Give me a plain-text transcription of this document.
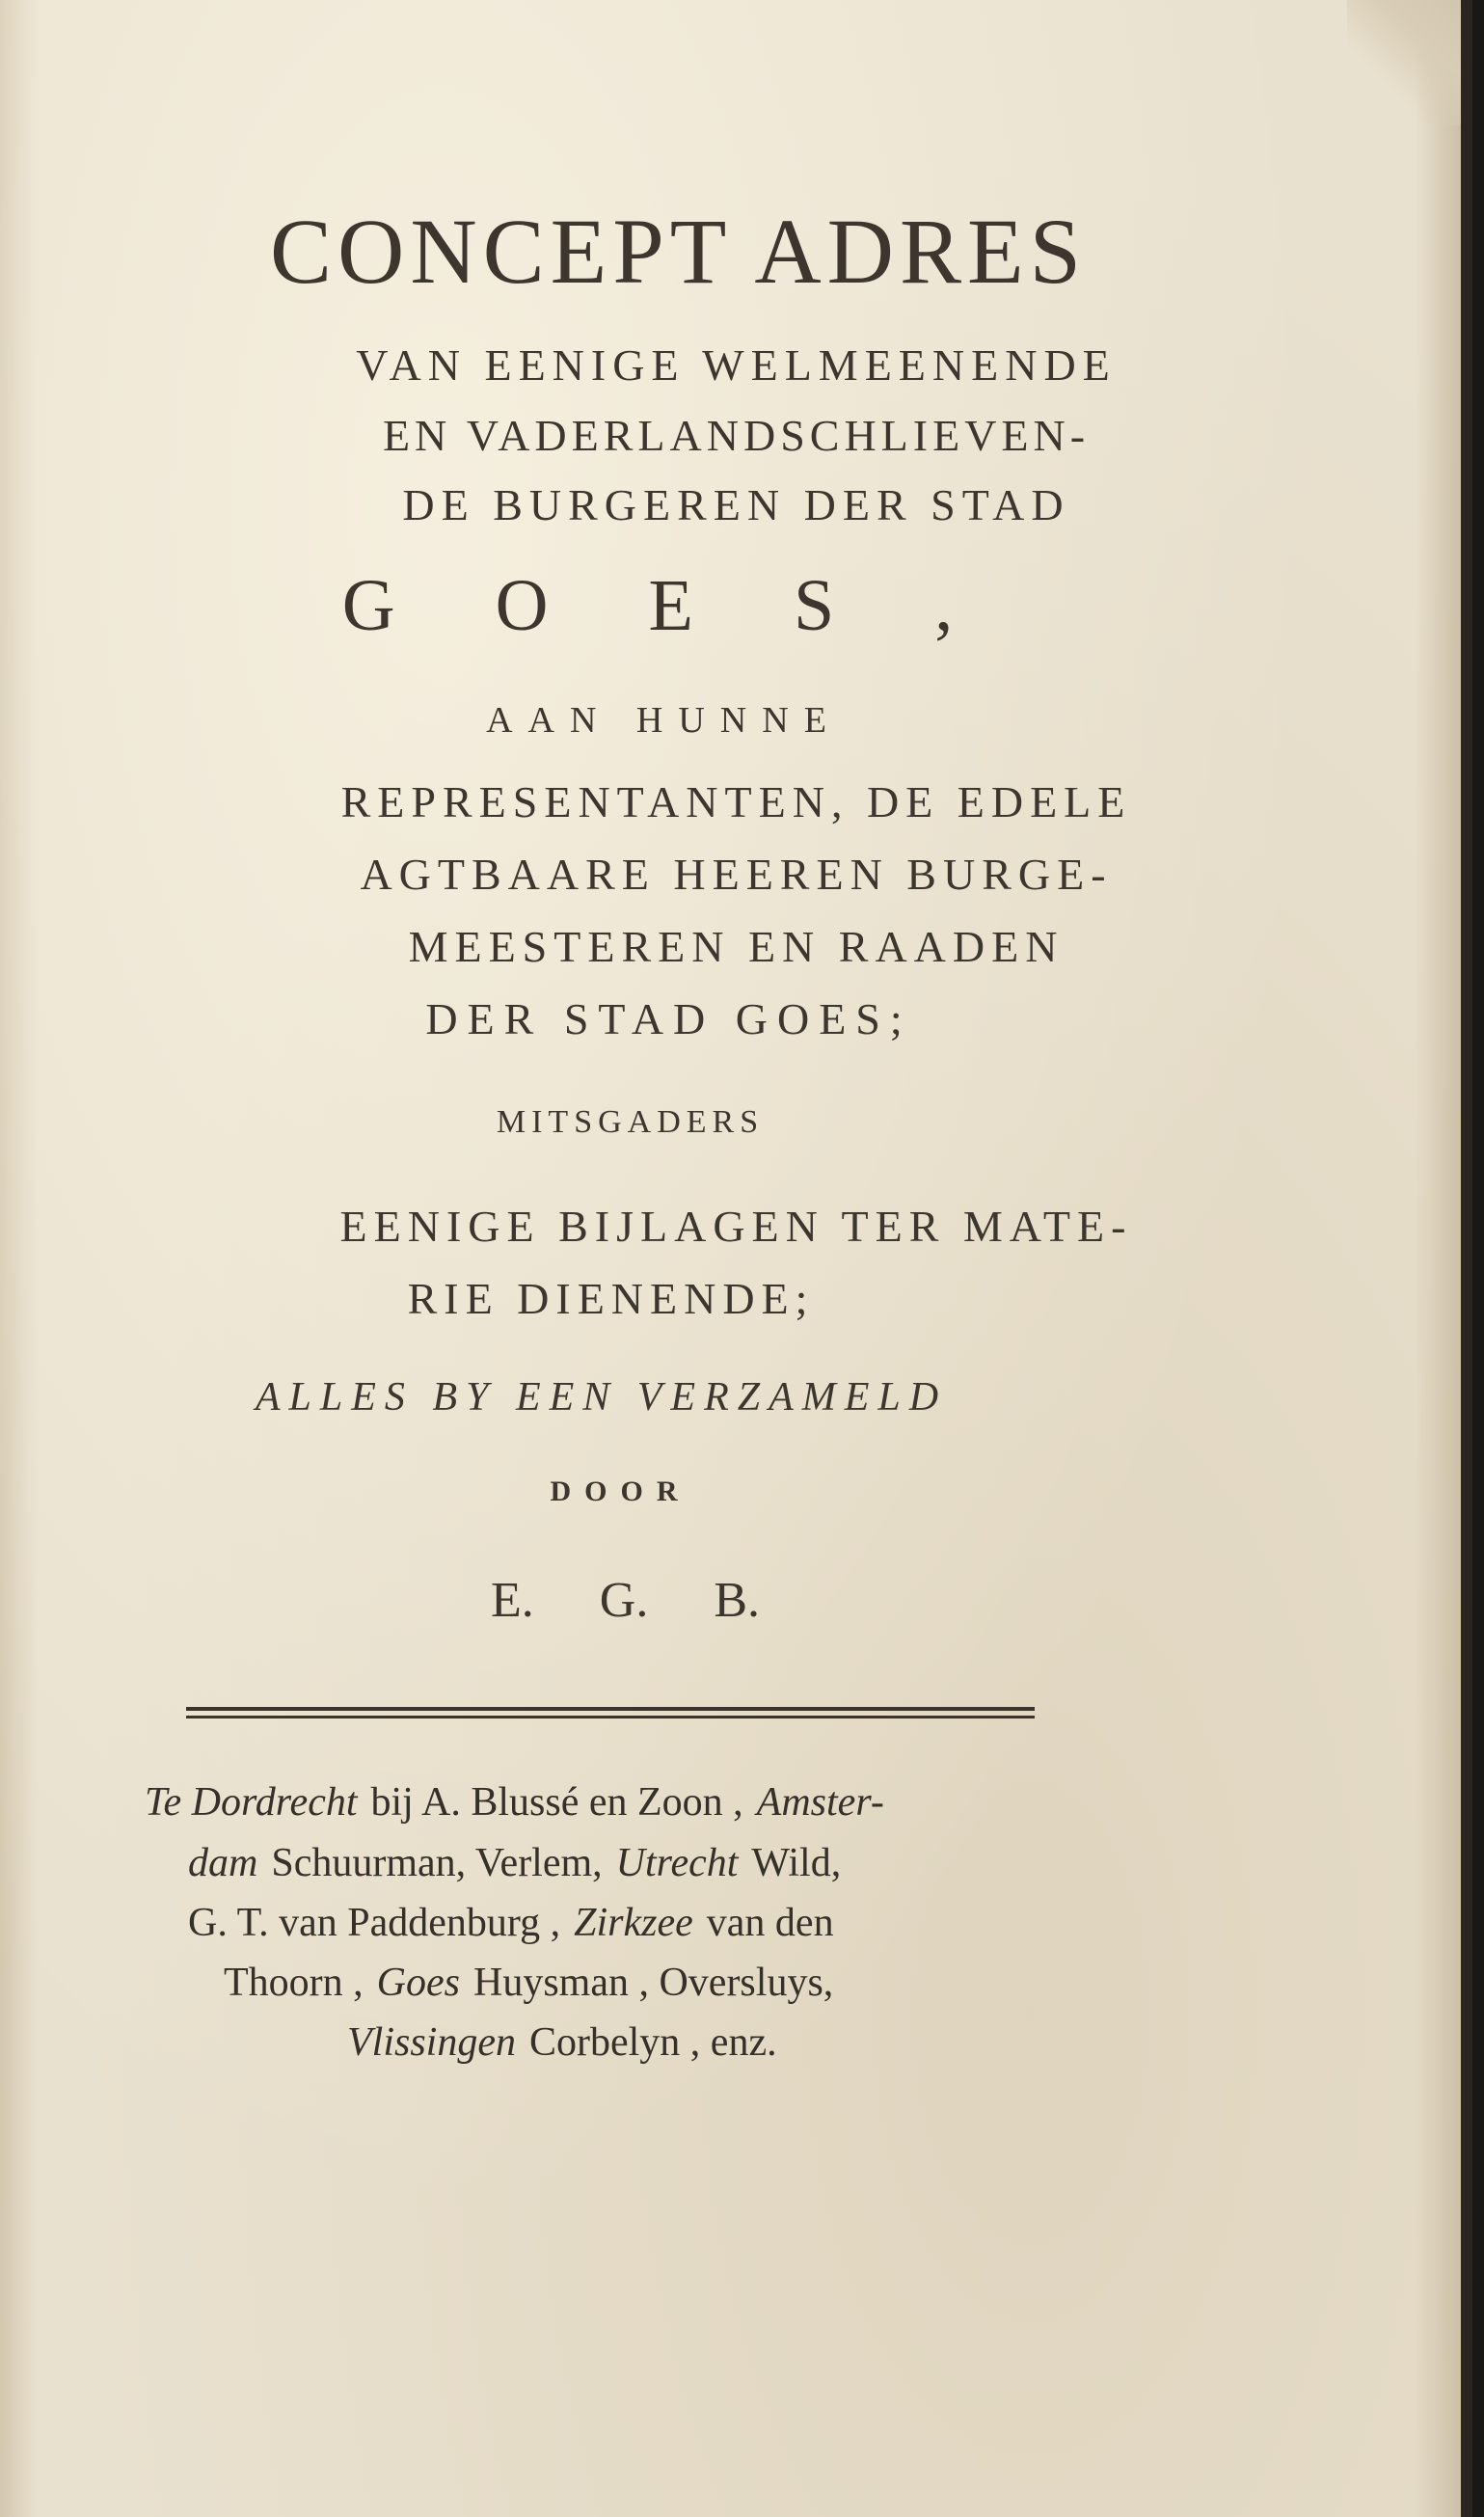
CONCEPT ADRES
VAN EENIGE WELMEENENDE
EN VADERLANDSCHLIEVEN-
DE BURGEREN DER STAD
GOES,
AAN HUNNE
REPRESENTANTEN, DE EDELE
AGTBAARE HEEREN BURGE-
MEESTEREN EN RAADEN
DER STAD GOES;
MITSGADERS
EENIGE BIJLAGEN TER MATE-
RIE DIENENDE;
ALLES BY EEN VERZAMELD
DOOR
E. G. B.
Te Dordrecht bij A. Blussé en Zoon , Amster-
dam Schuurman, Verlem, Utrecht Wild,
G. T. van Paddenburg , Zirkzee van den
Thoorn , Goes Huysman , Oversluys,
Vlissingen Corbelyn , enz.
